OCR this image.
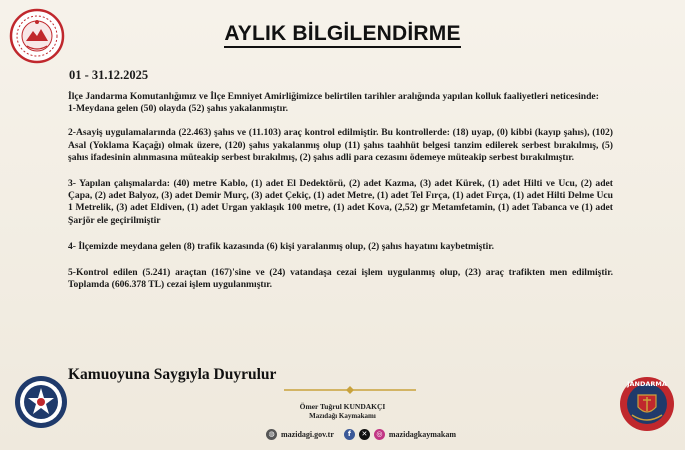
AYLIK BİLGİLENDİRME
01 - 31.12.2025

İlçe Jandarma Komutanlığımız ve İlçe Emniyet Amirliğimizce belirtilen tarihler aralığında yapılan kolluk faaliyetleri neticesinde:

1-Meydana gelen (50) olayda (52) şahıs yakalanmıştır.

2-Asayiş uygulamalarında (22.463) şahıs ve (11.103) araç kontrol edilmiştir. Bu kontrollerde: (18) uyap, (0) kibbi (kayıp şahıs), (102) Asal (Yoklama Kaçağı) olmak üzere, (120) şahıs yakalanmış olup (11) şahıs taahhüt belgesi tanzim edilerek serbest bırakılmış, (5) şahıs ifadesinin alınmasına müteakip serbest bırakılmış, (2) şahıs adli para cezasını ödemeye müteakip serbest bırakılmıştır.

3- Yapılan çalışmalarda: (40) metre Kablo, (1) adet El Dedektörü, (2) adet Kazma, (3) adet Kürek, (1) adet Hilti ve Ucu, (2) adet Çapa, (2) adet Balyoz, (3) adet Demir Murç, (3) adet Çekiç, (1) adet Metre, (1) adet Tel Fırça, (1) adet Fırça, (1) adet Hilti Delme Ucu 1 Metrelik, (3) adet Eldiven, (1) adet Urgan yaklaşık 100 metre, (1) adet Kova, (2,52) gr Metamfetamin, (1) adet Tabanca ve (1) adet Şarjör ele geçirilmiştir

4- İlçemizde meydana gelen (8) trafik kazasında (6) kişi yaralanmış olup, (2) şahıs hayatını kaybetmiştir.

5-Kontrol edilen (5.241) araçtan (167)'sine ve (24) vatandaşa cezai işlem uygulanmış olup, (23) araç trafikten men edilmiştir. Toplamda (606.378 TL) cezai işlem uygulanmıştır.

Kamuoyuna Saygıyla Duyrulur
Ömer Tuğrul KUNDAKÇI
Mazıdağı Kaymakamı
◍ mazidagi.gov.tr	f	✕	◎ mazidagkaymakam
JANDARMA
